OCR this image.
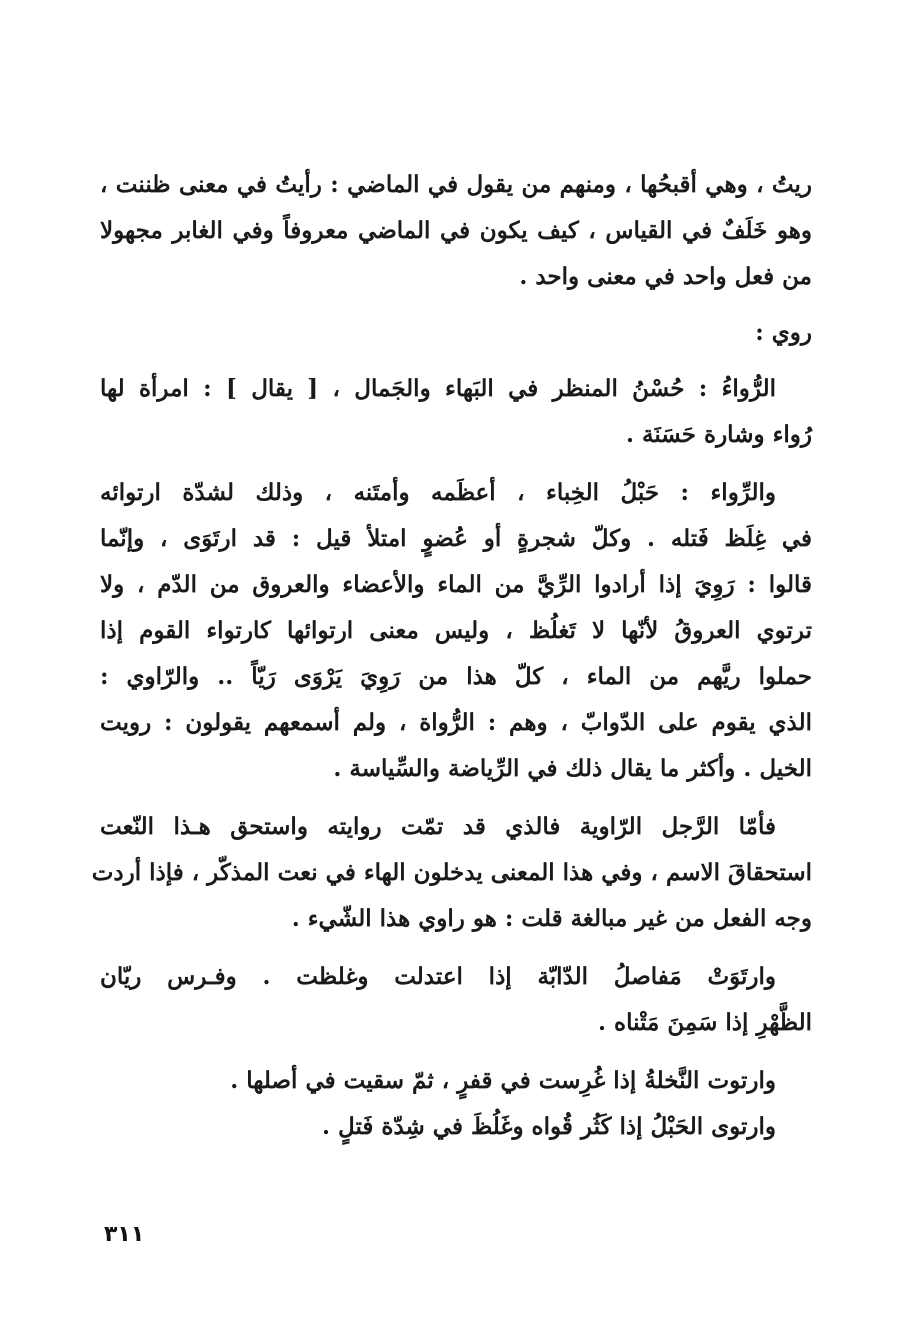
ريتُ ، وهي أقبحُها ، ومنهم من يقول في الماضي : رأيتُ في معنى ظننت ،
وهو خَلَفٌ في القياس ، كيف يكون في الماضي معروفاً وفي الغابر مجهولا
من فعل واحد في معنى واحد .
روي :
الرُّواءُ : حُسْنُ المنظر في البَهاء والجَمال ، [ يقال ] : امرأة لها
رُواء وشارة حَسَنَة .
والرِّواء : حَبْلُ الخِباء ، أعظَمه وأمتَنه ، وذلك لشدّة ارتوائه
في غِلَظ فَتله . وكلّ شجرةٍ أو عُضوٍ امتلأ قيل : قد ارتَوَى ، وإنّما
قالوا : رَوِيَ إذا أرادوا الرِّيَّ من الماء والأعضاء والعروق من الدّم ، ولا
ترتوي العروقُ لأنّها لا تَغلُظ ، وليس معنى ارتوائها كارتواء القوم إذا
حملوا ريَّهم من الماء ، كلّ هذا من رَوِيَ يَرْوَى رَيّاً .. والرّاوي :
الذي يقوم على الدّوابّ ، وهم : الرُّواة ، ولم أسمعهم يقولون : رويت
الخيل . وأكثر ما يقال ذلك في الرِّياضة والسِّياسة .
فأمّا الرَّجل الرّاوية فالذي قد تمّت روايته واستحق هـذا النّعت
استحقاقَ الاسم ، وفي هذا المعنى يدخلون الهاء في نعت المذكّر ، فإذا أردت
وجه الفعل من غير مبالغة قلت : هو راوي هذا الشّيء .
وارتَوَتْ مَفاصلُ الدّابّة إذا اعتدلت وغلظت . وفـرس ريّان
الظَّهْرِ إذا سَمِنَ مَتْناه .
وارتوت النَّخلةُ إذا غُرِست في قفرٍ ، ثمّ سقيت في أصلها .
وارتوى الحَبْلُ إذا كَثُر قُواه وغَلُظَ في شِدّة فَتلٍ .
٣١١
